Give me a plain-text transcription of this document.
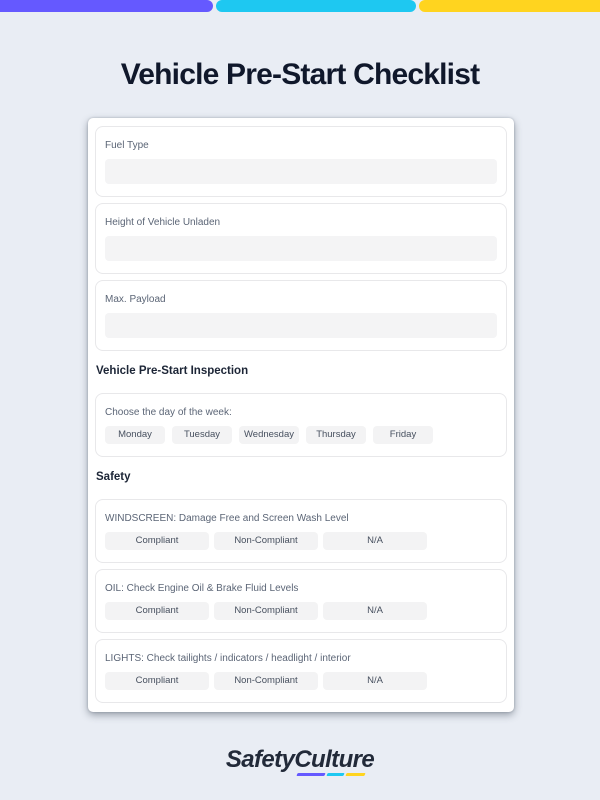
Vehicle Pre-Start Checklist
Fuel Type
Height of Vehicle Unladen
Max. Payload
Vehicle Pre-Start Inspection
Choose the day of the week:
Monday	Tuesday	Wednesday	Thursday	Friday
Safety
WINDSCREEN: Damage Free and Screen Wash Level
Compliant	Non-Compliant	N/A
OIL: Check Engine Oil & Brake Fluid Levels
Compliant	Non-Compliant	N/A
LIGHTS: Check tailights / indicators / headlight / interior
Compliant	Non-Compliant	N/A
SafetyCulture
